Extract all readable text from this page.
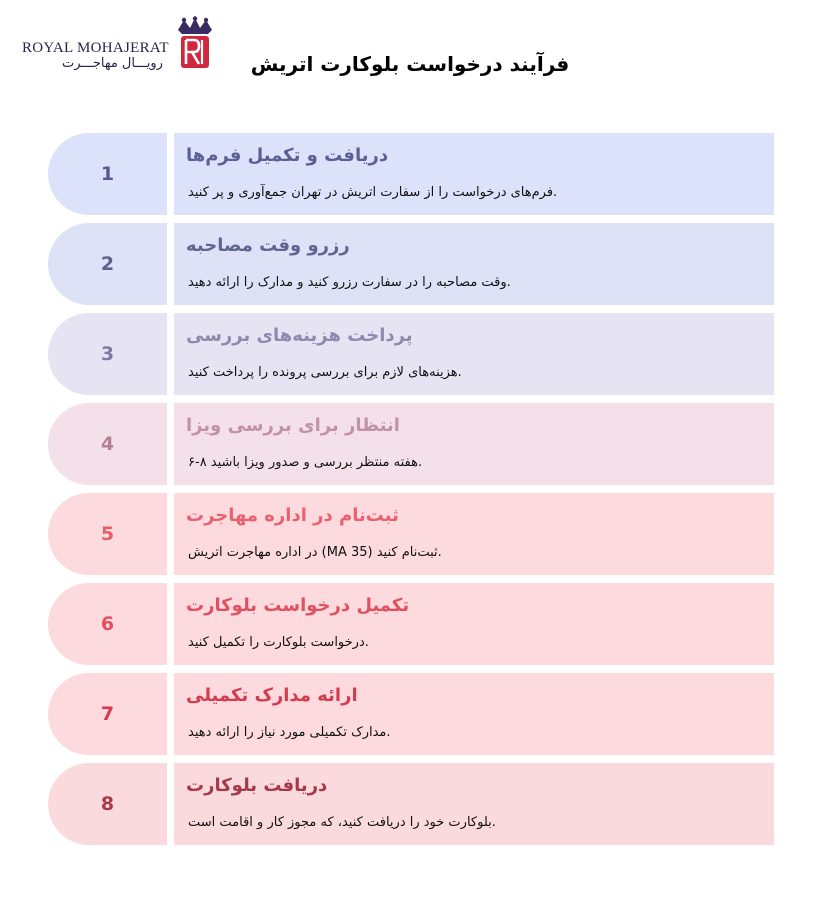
ROYAL MOHAJERAT
رویـــال مهاجـــرت	فرآیند درخواست بلوکارت اتریش
1
دریافت و تکمیل فرم‌ها
.فرم‌های درخواست را از سفارت اتریش در تهران جمع‌آوری و پر کنید
2
رزرو وقت مصاحبه
.وقت مصاحبه را در سفارت رزرو کنید و مدارک را ارائه دهید
3
پرداخت هزینه‌های بررسی
.هزینه‌های لازم برای بررسی پرونده را پرداخت کنید
4
انتظار برای بررسی ویزا
.هفته منتظر بررسی و صدور ویزا باشید ۸-۶
5
ثبت‌نام در اداره مهاجرت
.ثبت‌نام کنید (MA 35) در اداره مهاجرت اتریش
6
تکمیل درخواست بلوکارت
.درخواست بلوکارت را تکمیل کنید
7
ارائه مدارک تکمیلی
.مدارک تکمیلی مورد نیاز را ارائه دهید
8
دریافت بلوکارت
.بلوکارت خود را دریافت کنید، که مجوز کار و اقامت است
